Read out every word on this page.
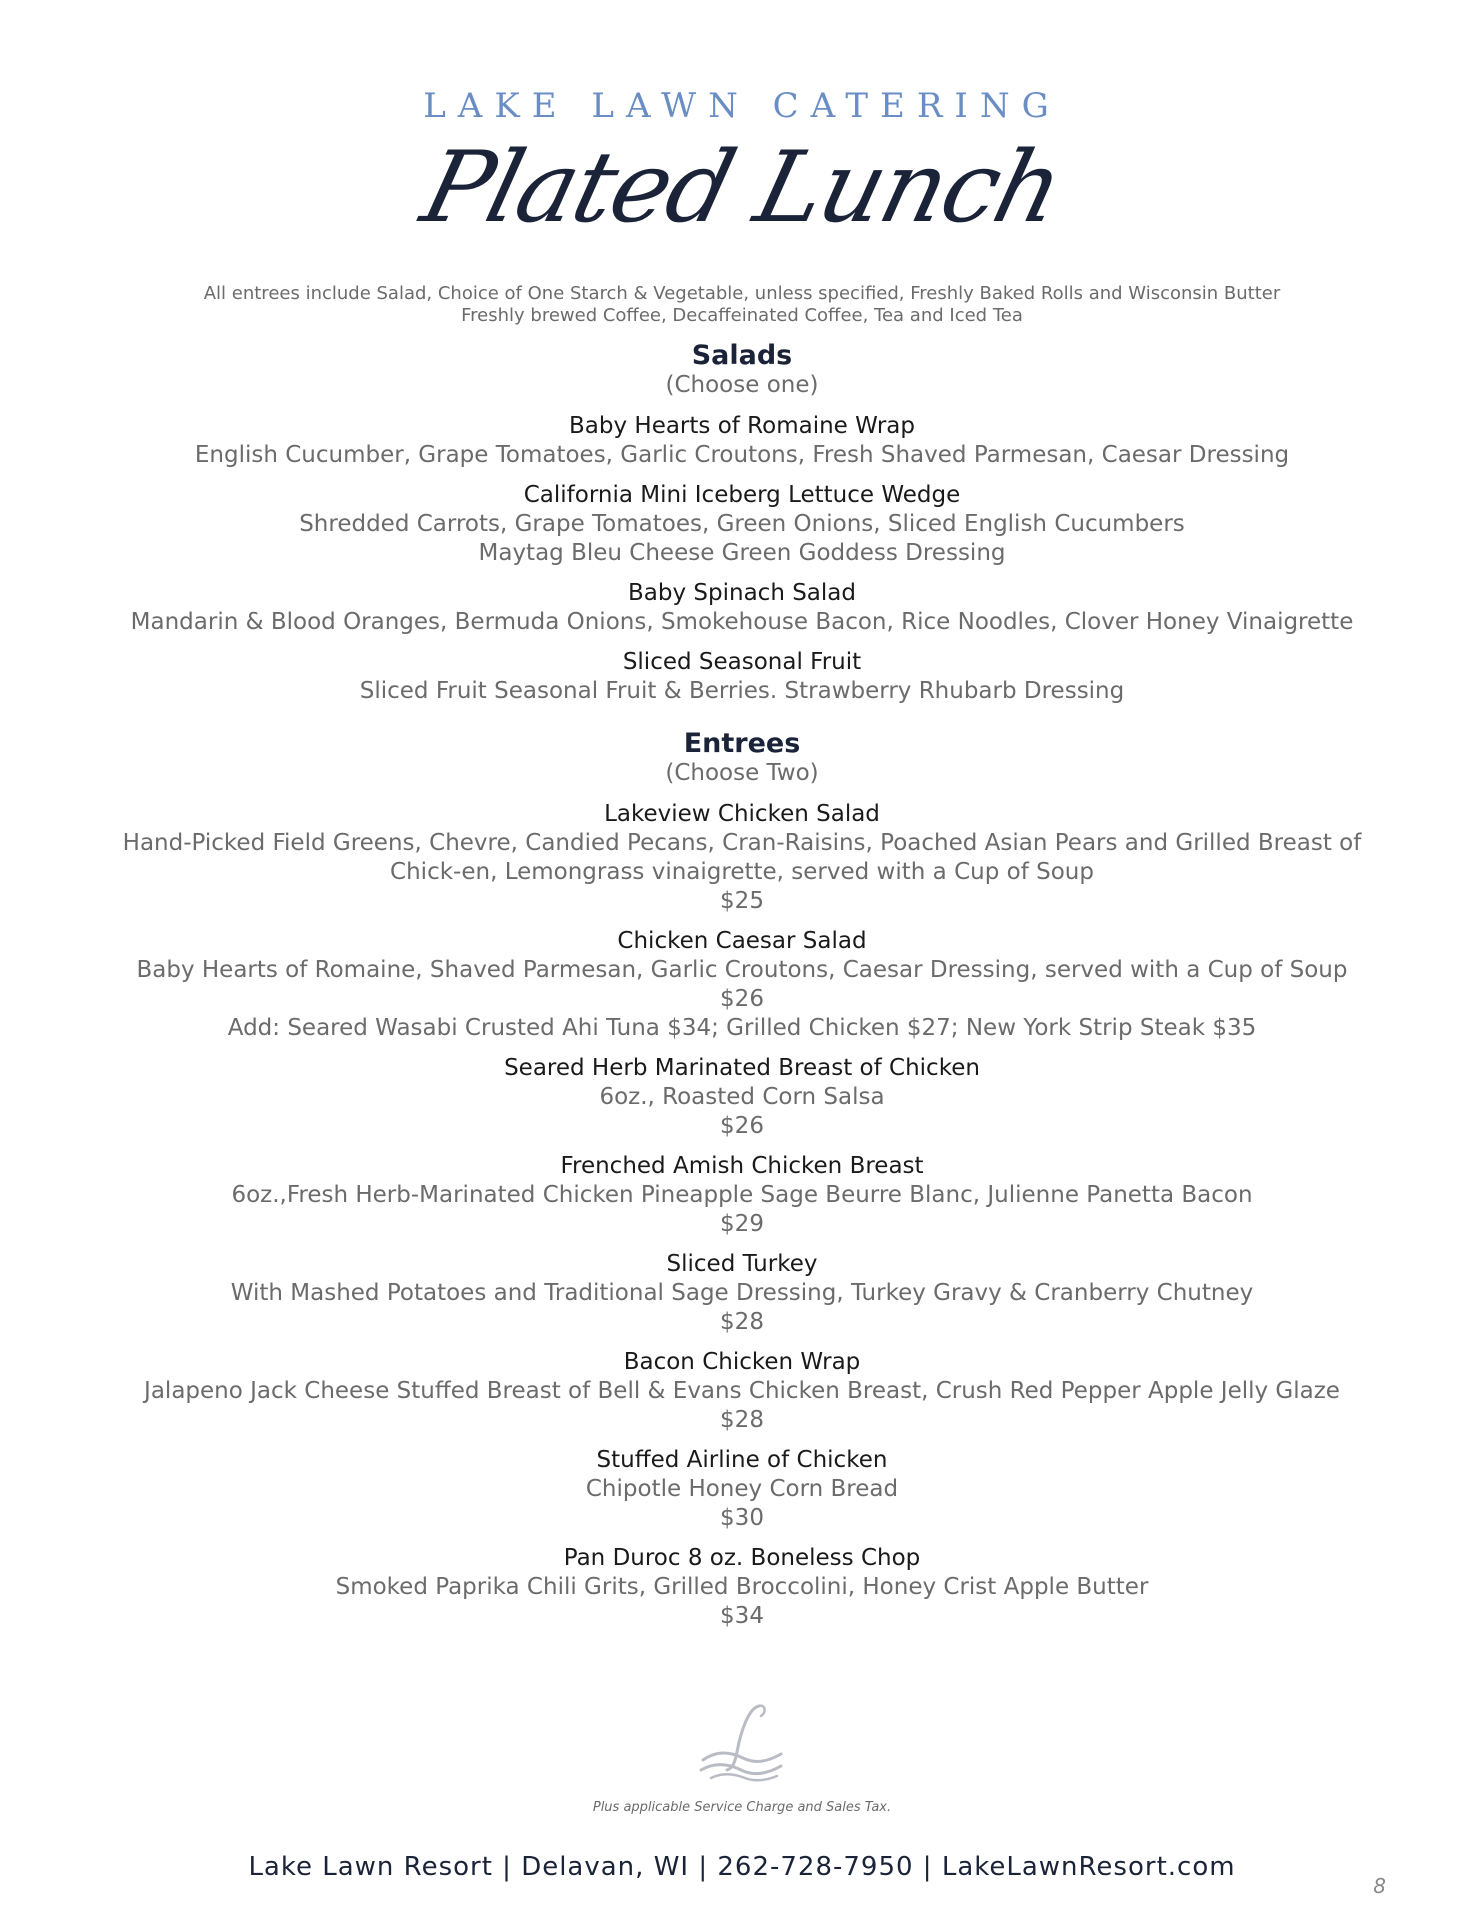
LAKE LAWN CATERING
Plated Lunch
All entrees include Salad, Choice of One Starch & Vegetable, unless specified, Freshly Baked Rolls and Wisconsin Butter
Freshly brewed Coffee, Decaffeinated Coffee, Tea and Iced Tea
Salads
(Choose one)
Baby Hearts of Romaine Wrap
English Cucumber, Grape Tomatoes, Garlic Croutons, Fresh Shaved Parmesan, Caesar Dressing
California Mini Iceberg Lettuce Wedge
Shredded Carrots, Grape Tomatoes, Green Onions, Sliced English Cucumbers
Maytag Bleu Cheese Green Goddess Dressing
Baby Spinach Salad
Mandarin & Blood Oranges, Bermuda Onions, Smokehouse Bacon, Rice Noodles, Clover Honey Vinaigrette
Sliced Seasonal Fruit
Sliced Fruit Seasonal Fruit & Berries. Strawberry Rhubarb Dressing
Entrees
(Choose Two)
Lakeview Chicken Salad
Hand-Picked Field Greens, Chevre, Candied Pecans, Cran-Raisins, Poached Asian Pears and Grilled Breast of Chick-en, Lemongrass vinaigrette, served with a Cup of Soup
$25
Chicken Caesar Salad
Baby Hearts of Romaine, Shaved Parmesan, Garlic Croutons, Caesar Dressing, served with a Cup of Soup
$26
Add: Seared Wasabi Crusted Ahi Tuna $34; Grilled Chicken $27; New York Strip Steak $35
Seared Herb Marinated Breast of Chicken
6oz., Roasted Corn Salsa
$26
Frenched Amish Chicken Breast
6oz.,Fresh Herb-Marinated Chicken Pineapple Sage Beurre Blanc, Julienne Panetta Bacon
$29
Sliced Turkey
With Mashed Potatoes and Traditional Sage Dressing, Turkey Gravy & Cranberry Chutney
$28
Bacon Chicken Wrap
Jalapeno Jack Cheese Stuffed Breast of Bell & Evans Chicken Breast, Crush Red Pepper Apple Jelly Glaze
$28
Stuffed Airline of Chicken
Chipotle Honey Corn Bread
$30
Pan Duroc 8 oz. Boneless Chop
Smoked Paprika Chili Grits, Grilled Broccolini, Honey Crist Apple Butter
$34
Plus applicable Service Charge and Sales Tax.
Lake Lawn Resort | Delavan, WI | 262-728-7950 | LakeLawnResort.com
8
